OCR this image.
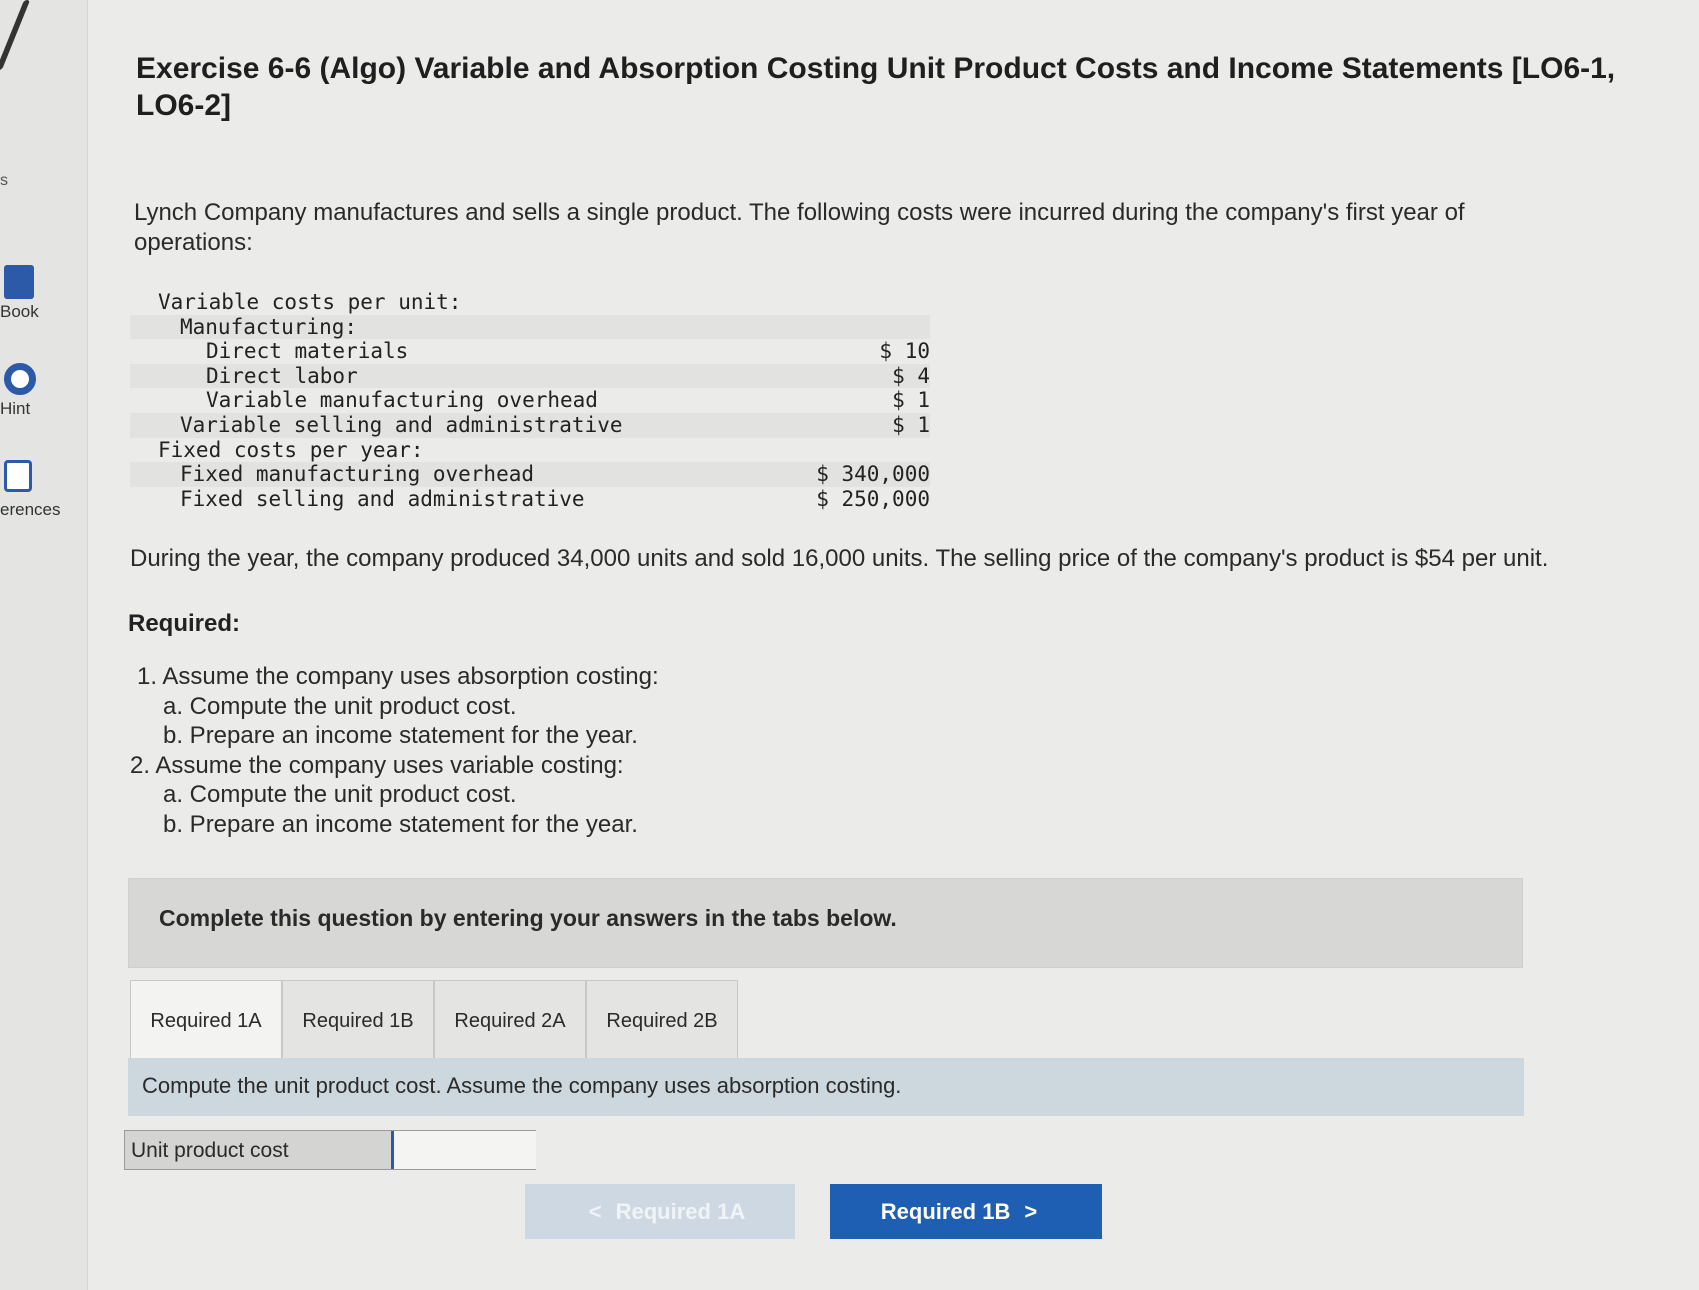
s
Book
Hint
erences
Exercise 6-6 (Algo) Variable and Absorption Costing Unit Product Costs and Income Statements [LO6-1, LO6-2]
Lynch Company manufactures and sells a single product. The following costs were incurred during the company's first year of operations:
Variable costs per unit:
Manufacturing:
Direct materials	$ 10
Direct labor	$ 4
Variable manufacturing overhead	$ 1
Variable selling and administrative	$ 1
Fixed costs per year:
Fixed manufacturing overhead	$ 340,000
Fixed selling and administrative	$ 250,000
During the year, the company produced 34,000 units and sold 16,000 units. The selling price of the company's product is $54 per unit.
Required:
1. Assume the company uses absorption costing:
a. Compute the unit product cost.
b. Prepare an income statement for the year.
2. Assume the company uses variable costing:
a. Compute the unit product cost.
b. Prepare an income statement for the year.
Complete this question by entering your answers in the tabs below.
Required 1A	Required 1B	Required 2A	Required 2B
Compute the unit product cost. Assume the company uses absorption costing.
Unit product cost
< Required 1A	Required 1B >
